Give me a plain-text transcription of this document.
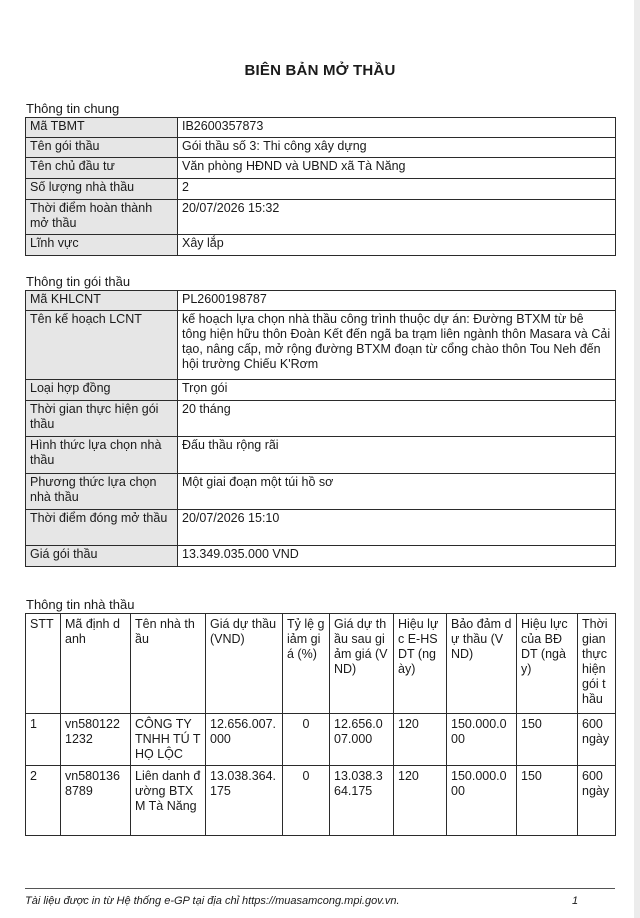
BIÊN BẢN MỞ THẦU
Thông tin chung
Mã TBMT	IB2600357873
Tên gói thầu	Gói thầu số 3: Thi công xây dựng
Tên chủ đầu tư	Văn phòng HĐND và UBND xã Tà Năng
Số lượng nhà thầu	2
Thời điểm hoàn thành mở thầu	20/07/2026 15:32
Lĩnh vực	Xây lắp
Thông tin gói thầu
Mã KHLCNT	PL2600198787
Tên kế hoạch LCNT	kế hoạch lựa chọn nhà thầu công trình thuộc dự án: Đường BTXM từ bê tông hiện hữu thôn Đoàn Kết đến ngã ba trạm liên ngành thôn Masara và Cải tạo, nâng cấp, mở rộng đường BTXM đoạn từ cổng chào thôn Tou Neh đến hội trường Chiếu K'Rơm
Loại hợp đồng	Trọn gói
Thời gian thực hiện gói thầu	20 tháng
Hình thức lựa chọn nhà thầu	Đấu thầu rộng rãi
Phương thức lựa chọn nhà thầu	Một giai đoạn một túi hồ sơ
Thời điểm đóng mở thầu	20/07/2026 15:10
Giá gói thầu	13.349.035.000 VND
Thông tin nhà thầu
STT	Mã định danh	Tên nhà thầu	Giá dự thầu (VND)	Tỷ lệ giảm giá (%)	Giá dự thầu sau giảm giá (VND)	Hiệu lực E-HSDT (ngày)	Bảo đảm dự thầu (VND)	Hiệu lực của BĐ DT (ngày)	Thời gian thực hiện gói thầu
1	vn5801221232	CÔNG TY TNHH TÚ THỌ LỘC	12.656.007.000	0	12.656.007.000	120	150.000.000	150	600 ngày
2	vn5801368789	Liên danh đường BTXM Tà Năng	13.038.364.175	0	13.038.364.175	120	150.000.000	150	600 ngày
Tài liệu được in từ Hệ thống e-GP tại địa chỉ https://muasamcong.mpi.gov.vn.	1
